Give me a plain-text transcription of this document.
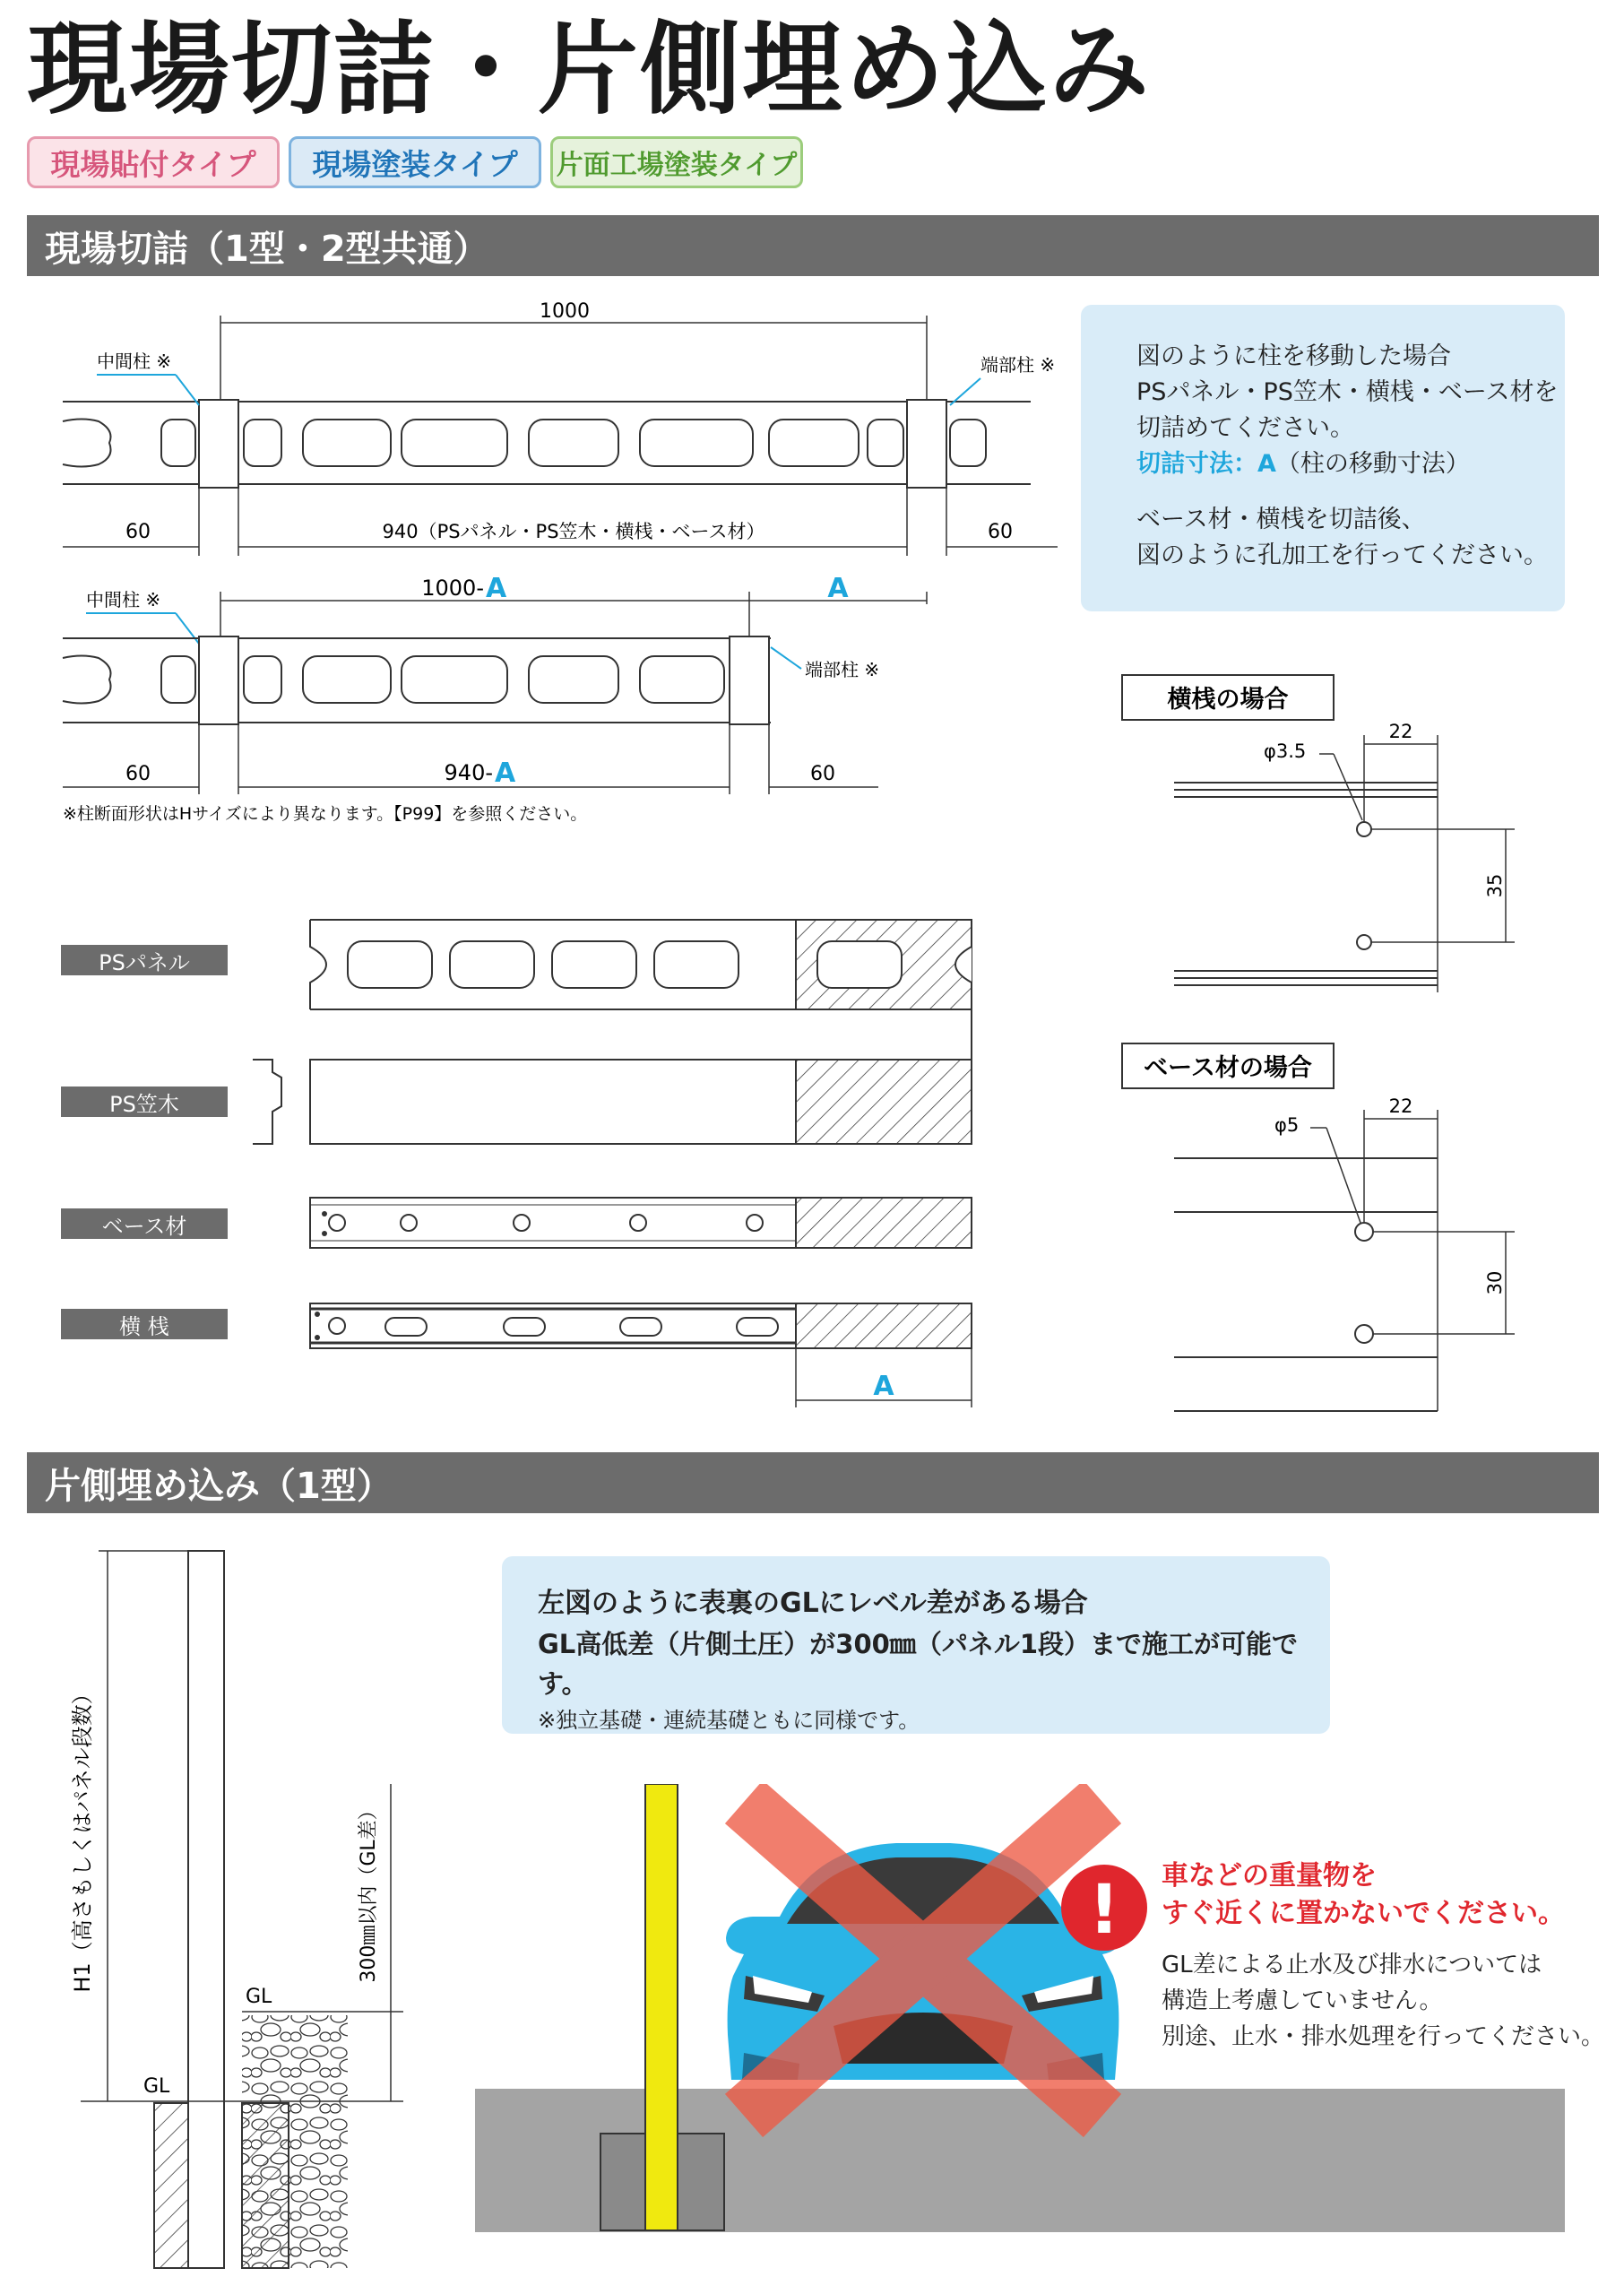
現場切詰・片側埋め込み
現場貼付タイプ	現場塗装タイプ	片面工場塗装タイプ
現場切詰（1型・2型共通）

図のように柱を移動した場合

PSパネル・PS笠木・横桟・ベース材を

切詰めてください。

切詰寸法：A（柱の移動寸法）

ベース材・横桟を切詰後、

図のように孔加工を行ってください。

1000
中間柱 ※	端部柱 ※
60	940（PSパネル・PS笠木・横桟・ベース材）	60
1000- A	A
中間柱 ※
端部柱 ※
60	940- A	60
※柱断面形状はHサイズにより異なります。【P99】を参照ください。
PSパネル
PS笠木
ベース材
横 桟
A
横桟の場合
22
φ3.5
35
ベース材の場合
22
φ5
30
片側埋め込み（1型）
H1（高さもしくはパネル段数）	300㎜以内（GL差）
GL
GL

左図のように表裏のGLにレベル差がある場合

GL高低差（片側土圧）が300㎜（パネル1段）まで施工が可能です。

※独立基礎・連続基礎ともに同様です。

! 車などの重量物を
すぐ近くに置かないでください。
GL差による止水及び排水については
構造上考慮していません。
別途、止水・排水処理を行ってください。
